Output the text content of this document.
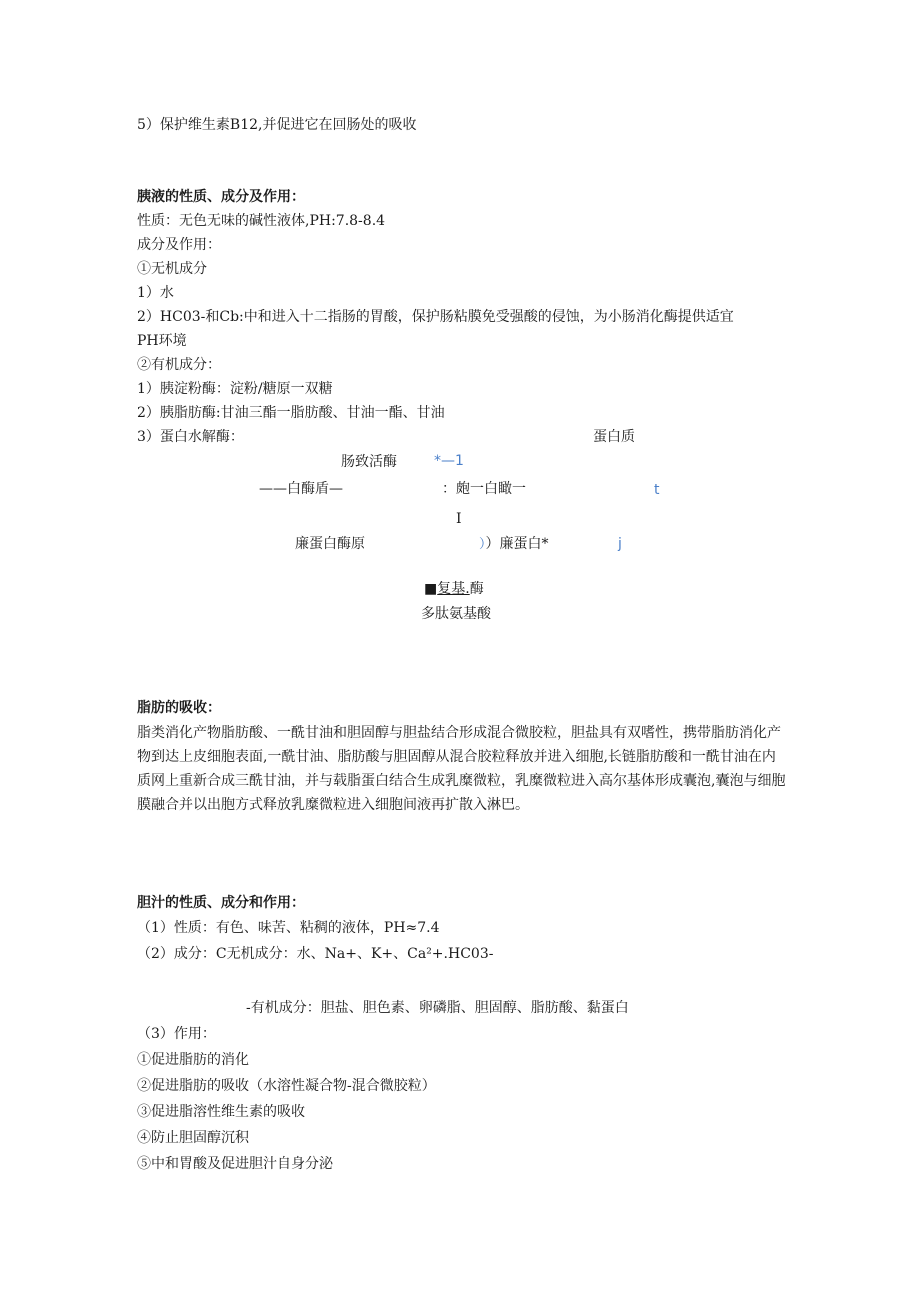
5）保护维生素B12,并促进它在回肠处的吸收
胰液的性质、成分及作用：
性质：无色无味的碱性液体,PH:7.8-8.4
成分及作用：
①无机成分
1）水
2）HC03-和Cb:中和进入十二指肠的胃酸，保护肠粘膜免受强酸的侵蚀，为小肠消化酶提供适宜
PH环境
②有机成分：
1）胰淀粉酶：淀粉/糖原一双糖
2）胰脂肪酶:甘油三酯一脂肪酸、甘油一酯、甘油
3）蛋白水解酶：	蛋白质
肠致活酶	*—1
——白酶盾—	：皰一白瞰一	t
I
廉蛋白酶原	））廉蛋白*	j
■复基.酶
多肽氨基酸
脂肪的吸收：
脂类消化产物脂肪酸、一酰甘油和胆固醇与胆盐结合形成混合微胶粒，胆盐具有双嗜性，携带脂肪消化产物到达上皮细胞表面,一酰甘油、脂肪酸与胆固醇从混合胶粒释放并进入细胞,长链脂肪酸和一酰甘油在内质网上重新合成三酰甘油，并与载脂蛋白结合生成乳糜微粒，乳糜微粒进入高尔基体形成囊泡,囊泡与细胞膜融合并以出胞方式释放乳糜微粒进入细胞间液再扩散入淋巴。
胆汁的性质、成分和作用：
（1）性质：有色、味苦、粘稠的液体，PH≈7.4
（2）成分：C无机成分：水、Na+、K+、Ca²+.HC03-
-有机成分：胆盐、胆色素、卵磷脂、胆固醇、脂肪酸、黏蛋白
（3）作用：
①促进脂肪的消化
②促进脂肪的吸收（水溶性凝合物-混合微胶粒）
③促进脂溶性维生素的吸收
④防止胆固醇沉积
⑤中和胃酸及促进胆汁自身分泌
